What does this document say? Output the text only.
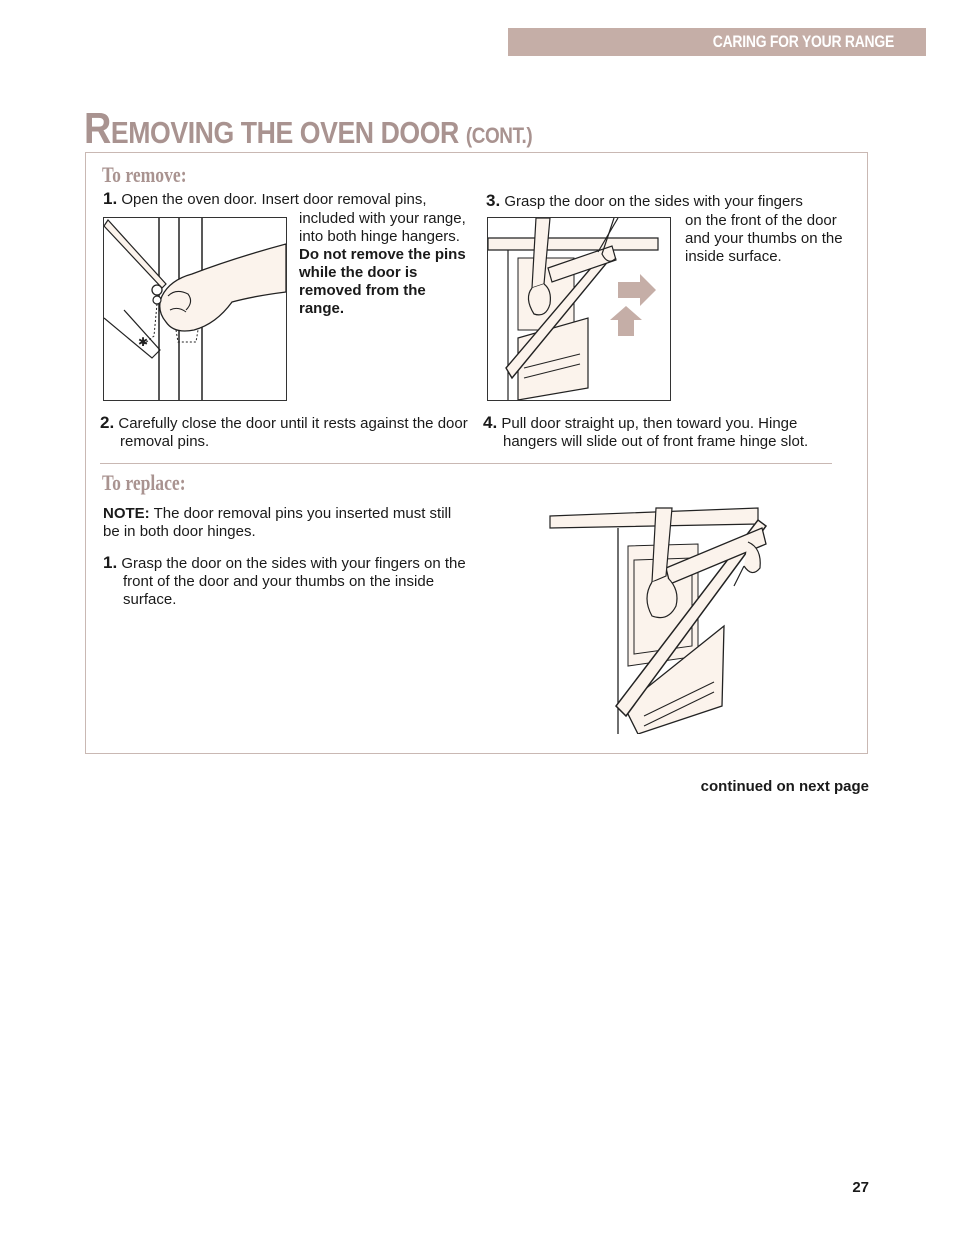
CARING FOR YOUR RANGE
REMOVING THE OVEN DOOR (CONT.)
To remove:
1. Open the oven door. Insert door removal pins,
included with your range, into both hinge hangers. Do not remove the pins while the door is removed from the range.
✱
2. Carefully close the door until it rests against the door removal pins.
3. Grasp the door on the sides with your fingers
on the front of the door and your thumbs on the inside surface.
4. Pull door straight up, then toward you. Hinge hangers will slide out of front frame hinge slot.
To replace:
NOTE: The door removal pins you inserted must still be in both door hinges.
1. Grasp the door on the sides with your fingers on the front of the door and your thumbs on the inside surface.
continued on next page
27
